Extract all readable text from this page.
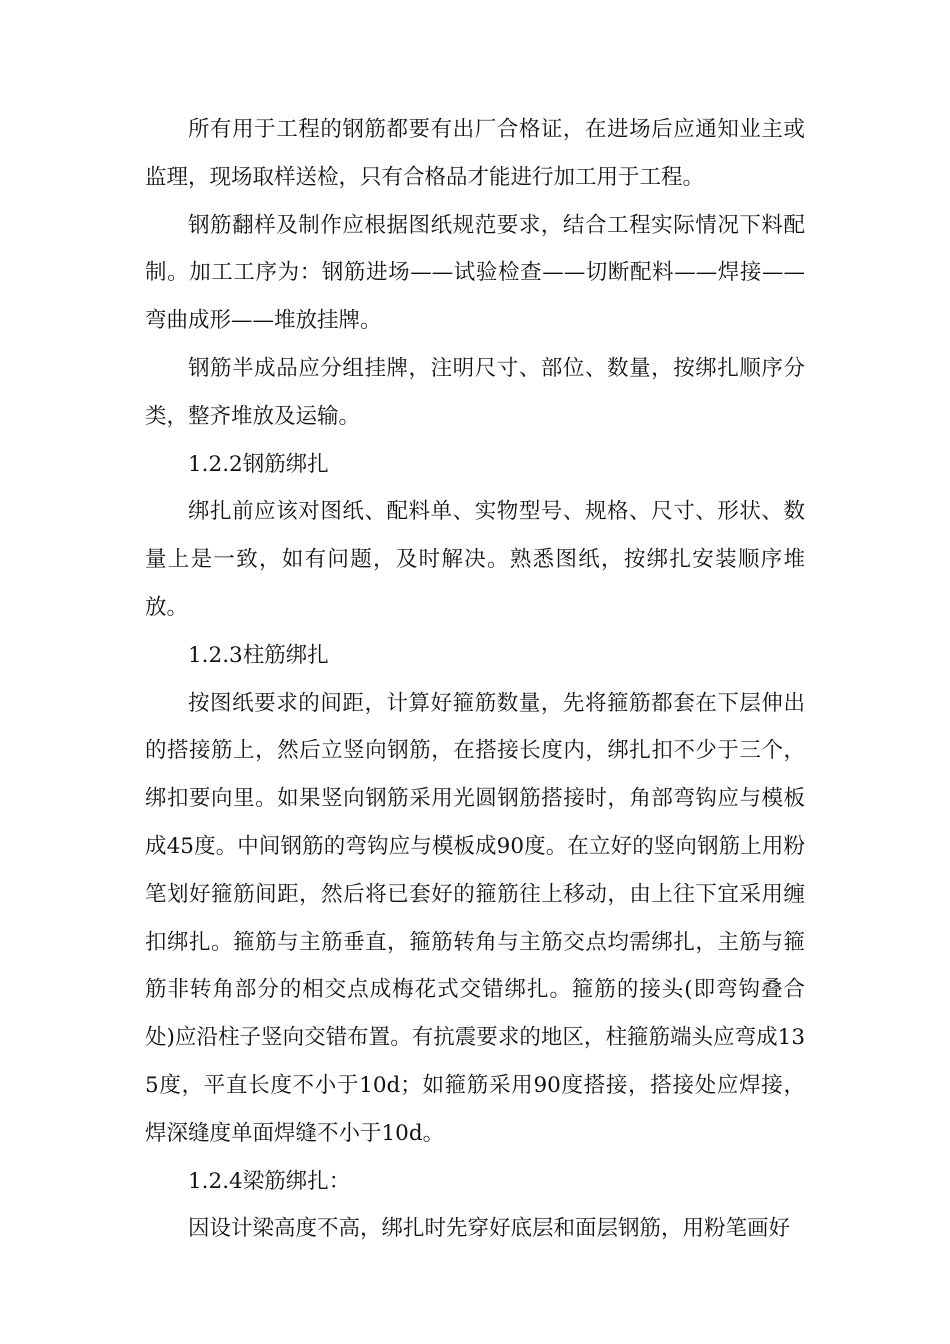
所有用于工程的钢筋都要有出厂合格证，在进场后应通知业主或监理，现场取样送检，只有合格品才能进行加工用于工程。

钢筋翻样及制作应根据图纸规范要求，结合工程实际情况下料配制。加工工序为：钢筋进场——试验检查——切断配料——焊接——弯曲成形——堆放挂牌。

钢筋半成品应分组挂牌，注明尺寸、部位、数量，按绑扎顺序分类，整齐堆放及运输。

1.2.2钢筋绑扎

绑扎前应该对图纸、配料单、实物型号、规格、尺寸、形状、数量上是一致，如有问题，及时解决。熟悉图纸，按绑扎安装顺序堆放。

1.2.3柱筋绑扎

按图纸要求的间距，计算好箍筋数量，先将箍筋都套在下层伸出的搭接筋上，然后立竖向钢筋，在搭接长度内，绑扎扣不少于三个，绑扣要向里。如果竖向钢筋采用光圆钢筋搭接时，角部弯钩应与模板成45度。中间钢筋的弯钩应与模板成90度。在立好的竖向钢筋上用粉笔划好箍筋间距，然后将已套好的箍筋往上移动，由上往下宜采用缠扣绑扎。箍筋与主筋垂直，箍筋转角与主筋交点均需绑扎，主筋与箍筋非转角部分的相交点成梅花式交错绑扎。箍筋的接头(即弯钩叠合处)应沿柱子竖向交错布置。有抗震要求的地区，柱箍筋端头应弯成135度，平直长度不小于10d；如箍筋采用90度搭接，搭接处应焊接，焊深缝度单面焊缝不小于10d。

1.2.4梁筋绑扎：

因设计梁高度不高，绑扎时先穿好底层和面层钢筋，用粉笔画好
